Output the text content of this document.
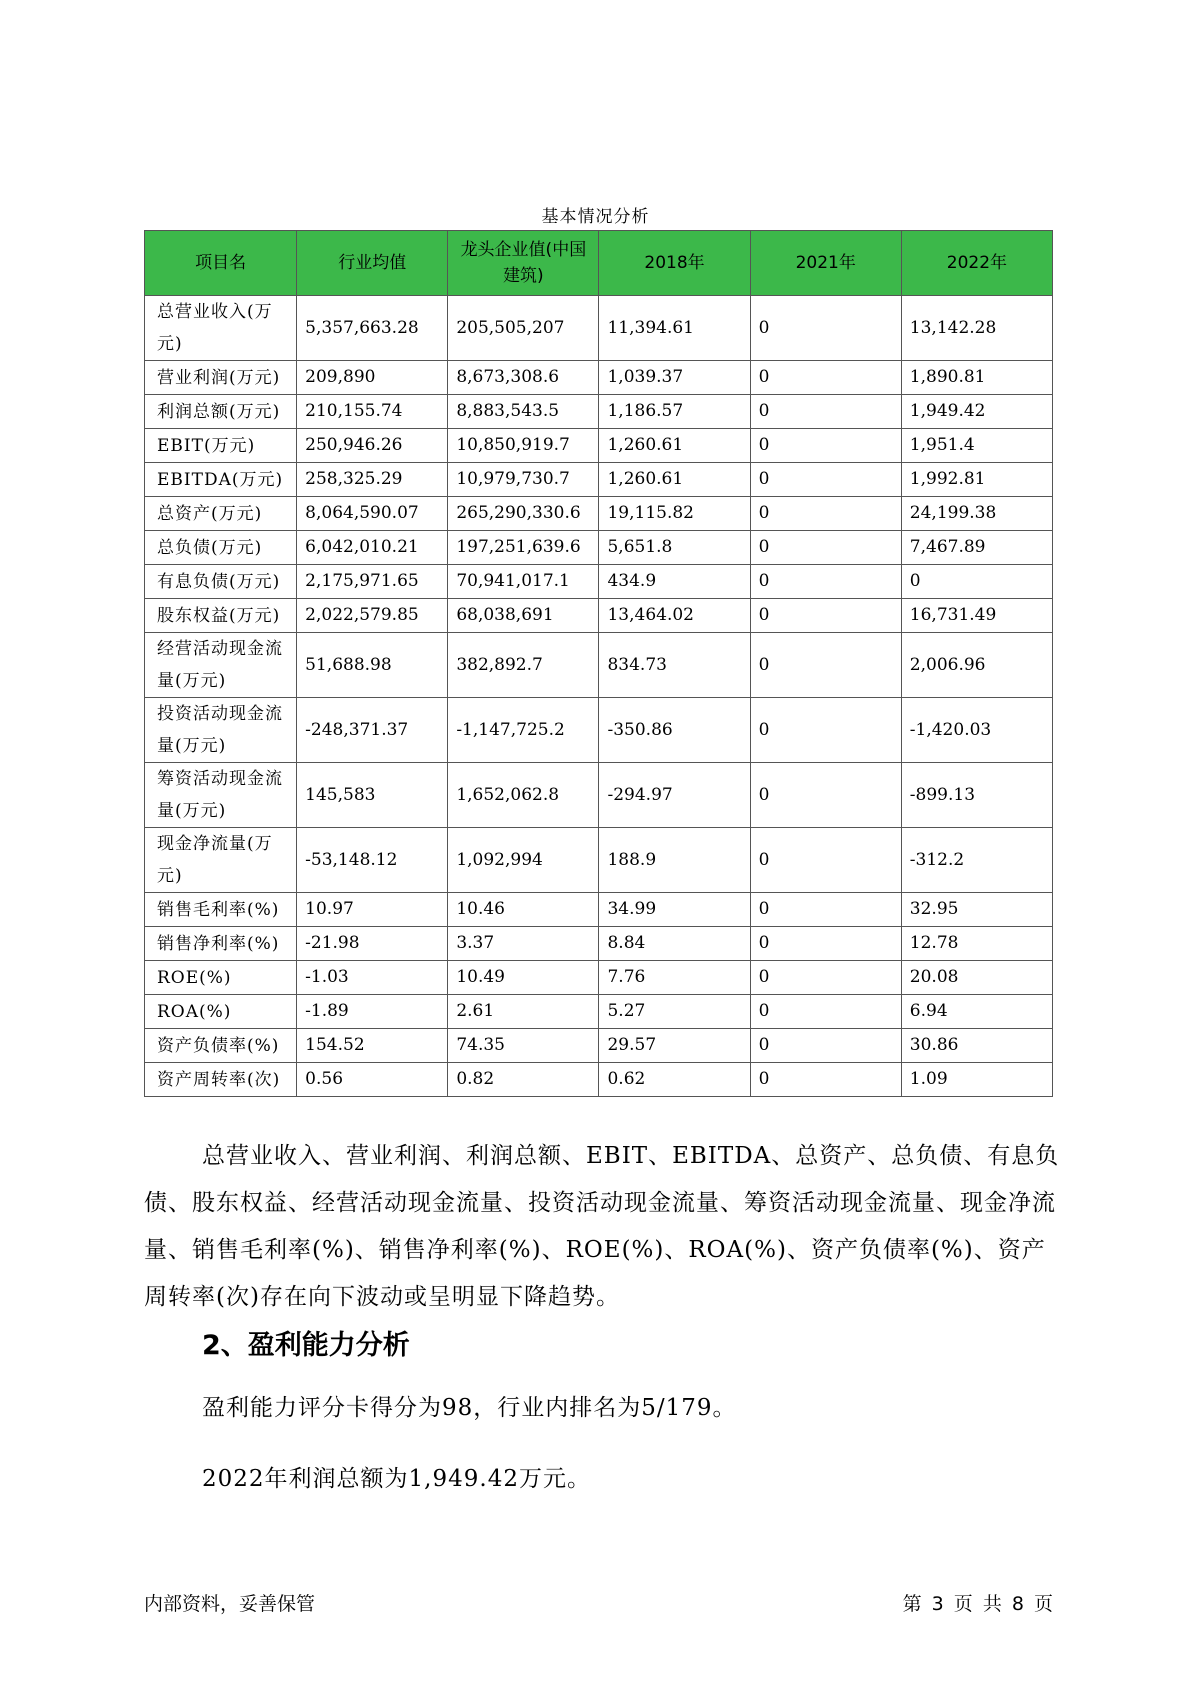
基本情况分析
项目名	行业均值	龙头企业值(中国建筑)	2018年	2021年	2022年
总营业收入(万元)	5,357,663.28	205,505,207	11,394.61	0	13,142.28
营业利润(万元)	209,890	8,673,308.6	1,039.37	0	1,890.81
利润总额(万元)	210,155.74	8,883,543.5	1,186.57	0	1,949.42
EBIT(万元)	250,946.26	10,850,919.7	1,260.61	0	1,951.4
EBITDA(万元)	258,325.29	10,979,730.7	1,260.61	0	1,992.81
总资产(万元)	8,064,590.07	265,290,330.6	19,115.82	0	24,199.38
总负债(万元)	6,042,010.21	197,251,639.6	5,651.8	0	7,467.89
有息负债(万元)	2,175,971.65	70,941,017.1	434.9	0	0
股东权益(万元)	2,022,579.85	68,038,691	13,464.02	0	16,731.49
经营活动现金流量(万元)	51,688.98	382,892.7	834.73	0	2,006.96
投资活动现金流量(万元)	-248,371.37	-1,147,725.2	-350.86	0	-1,420.03
筹资活动现金流量(万元)	145,583	1,652,062.8	-294.97	0	-899.13
现金净流量(万元)	-53,148.12	1,092,994	188.9	0	-312.2
销售毛利率(%)	10.97	10.46	34.99	0	32.95
销售净利率(%)	-21.98	3.37	8.84	0	12.78
ROE(%)	-1.03	10.49	7.76	0	20.08
ROA(%)	-1.89	2.61	5.27	0	6.94
资产负债率(%)	154.52	74.35	29.57	0	30.86
资产周转率(次)	0.56	0.82	0.62	0	1.09
总营业收入、营业利润、利润总额、EBIT、EBITDA、总资产、总负债、有息负债、股东权益、经营活动现金流量、投资活动现金流量、筹资活动现金流量、现金净流量、销售毛利率(%)、销售净利率(%)、ROE(%)、ROA(%)、资产负债率(%)、资产周转率(次)存在向下波动或呈明显下降趋势。
2、盈利能力分析
盈利能力评分卡得分为98，行业内排名为5/179。
2022年利润总额为1,949.42万元。
内部资料，妥善保管	第 3 页 共 8 页
